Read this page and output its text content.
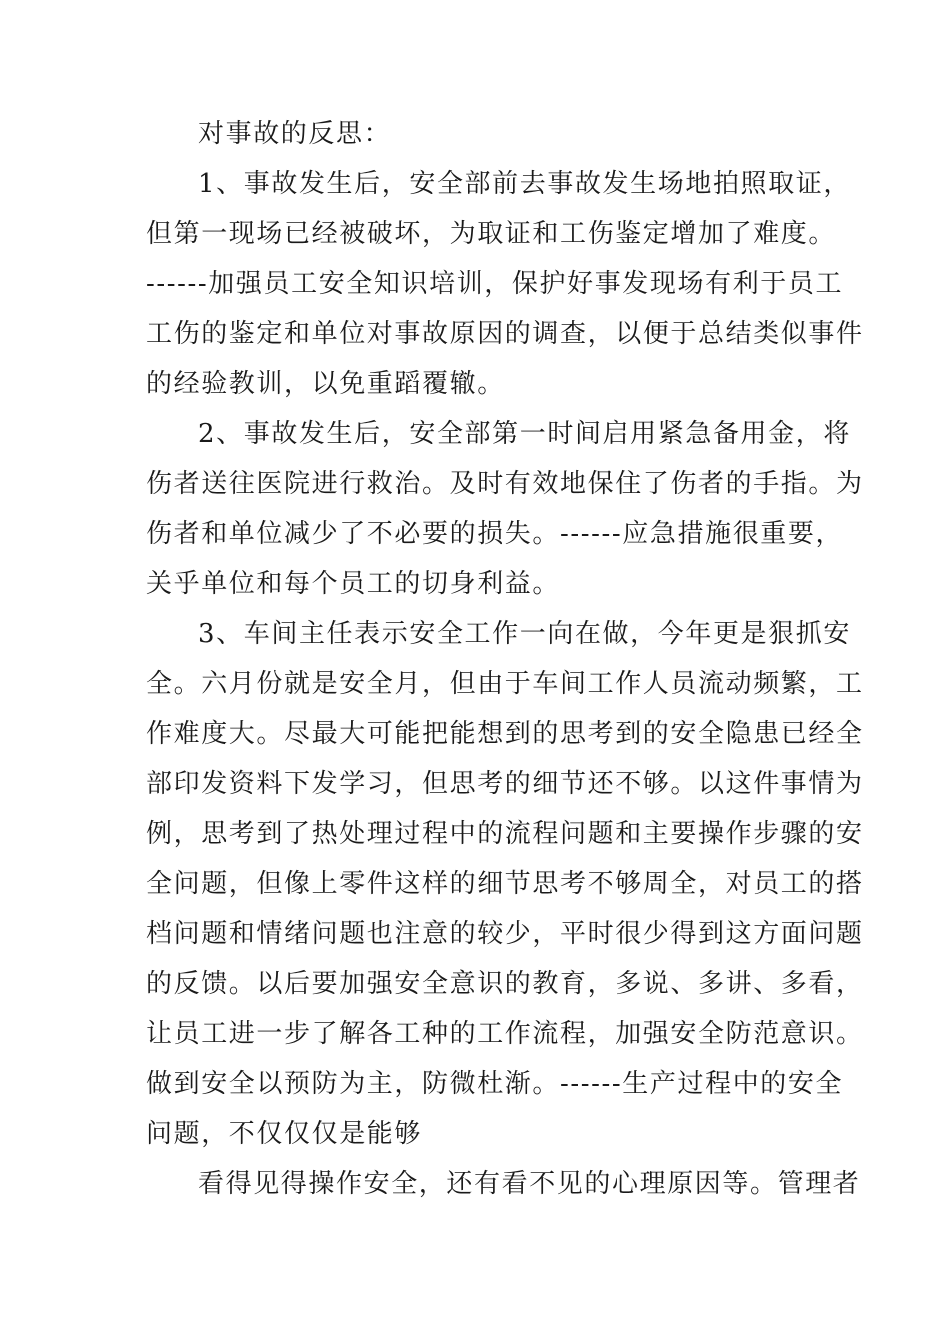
对事故的反思：
1、事故发生后，安全部前去事故发生场地拍照取证，
但第一现场已经被破坏，为取证和工伤鉴定增加了难度。
------加强员工安全知识培训，保护好事发现场有利于员工
工伤的鉴定和单位对事故原因的调查，以便于总结类似事件
的经验教训，以免重蹈覆辙。
2、事故发生后，安全部第一时间启用紧急备用金，将
伤者送往医院进行救治。及时有效地保住了伤者的手指。为
伤者和单位减少了不必要的损失。------应急措施很重要，
关乎单位和每个员工的切身利益。
3、车间主任表示安全工作一向在做，今年更是狠抓安
全。六月份就是安全月，但由于车间工作人员流动频繁，工
作难度大。尽最大可能把能想到的思考到的安全隐患已经全
部印发资料下发学习，但思考的细节还不够。以这件事情为
例，思考到了热处理过程中的流程问题和主要操作步骤的安
全问题，但像上零件这样的细节思考不够周全，对员工的搭
档问题和情绪问题也注意的较少，平时很少得到这方面问题
的反馈。以后要加强安全意识的教育，多说、多讲、多看，
让员工进一步了解各工种的工作流程，加强安全防范意识。
做到安全以预防为主，防微杜渐。------生产过程中的安全
问题，不仅仅仅是能够
看得见得操作安全，还有看不见的心理原因等。管理者
